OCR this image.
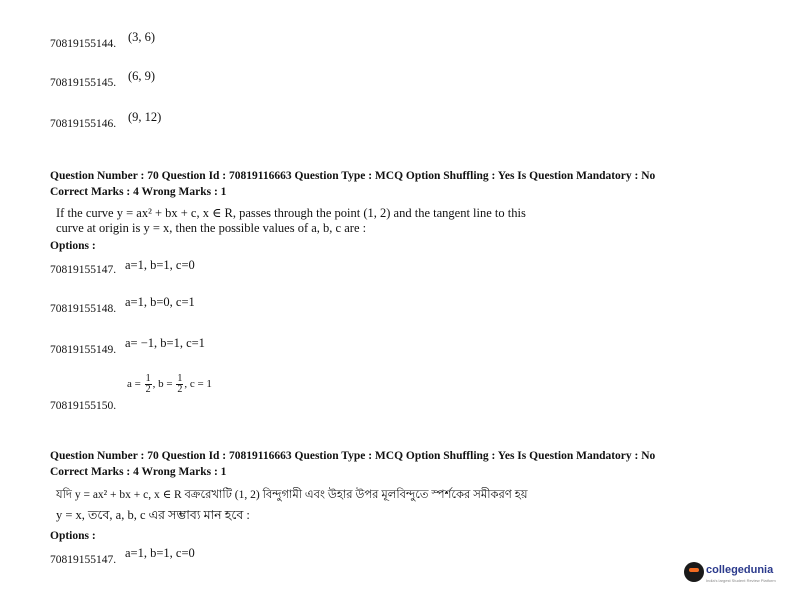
70819155144. (3, 6)
70819155145. (6, 9)
70819155146. (9, 12)
Question Number : 70 Question Id : 70819116663 Question Type : MCQ Option Shuffling : Yes Is Question Mandatory : No
Correct Marks : 4 Wrong Marks : 1
If the curve y = ax² + bx + c, x ∈ R, passes through the point (1, 2) and the tangent line to this
curve at origin is y = x, then the possible values of a, b, c are :
Options :
70819155147. a=1, b=1, c=0
70819155148. a=1, b=0, c=1
70819155149. a= −1, b=1, c=1
$a = \frac{1}{2}$ , $b = \frac{1}{2}$ , c = 1
70819155150.
Question Number : 70 Question Id : 70819116663 Question Type : MCQ Option Shuffling : Yes Is Question Mandatory : No
Correct Marks : 4 Wrong Marks : 1
যদি y = ax² + bx + c, x ∈ R বক্ররেখাটি (1, 2) বিন্দুগামী এবং উহার উপর মূলবিন্দুতে স্পর্শকের সমীকরণ হয়
y = x, তবে, a, b, c এর সম্ভাব্য মান হবে :
Options :
70819155147. a=1, b=1, c=0
collegedunia
India's largest Student Review Platform
